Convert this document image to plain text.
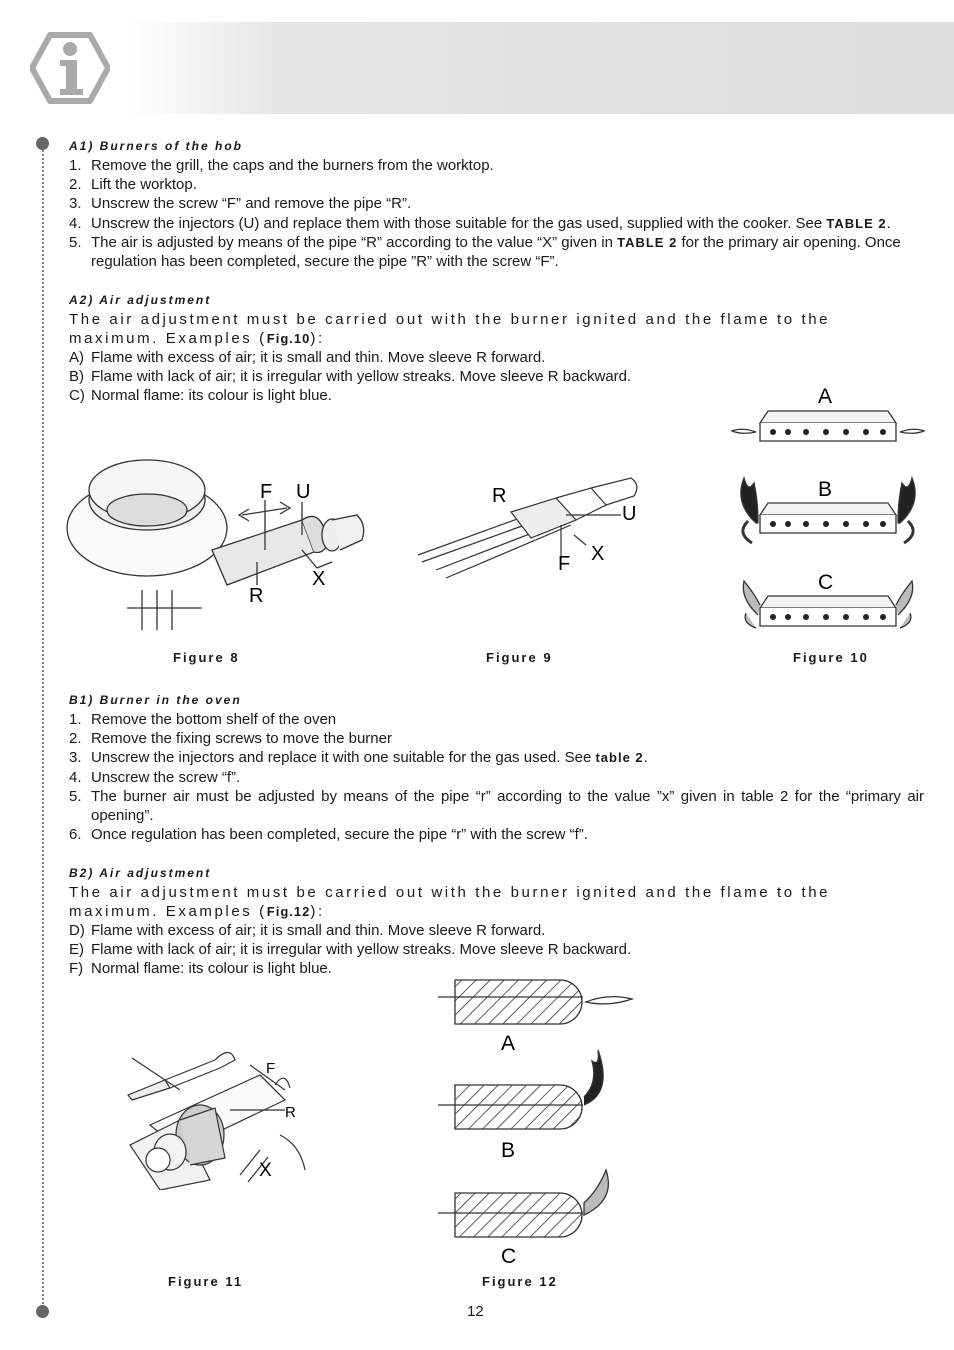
A1) Burners of the hob
1. Remove the grill, the caps and the burners from the worktop.
2. Lift the worktop.
3. Unscrew the screw “F” and remove the pipe “R”.
4. Unscrew the injectors (U) and replace them with those suitable for the gas used, supplied with the cooker. See TABLE 2.
5. The air is adjusted by means of the pipe “R” according to the value “X” given in TABLE 2 for the primary air opening. Once regulation has been completed, secure the pipe ”R” with the screw “F”.
A2) Air adjustment
The air adjustment must be carried out with the burner ignited and the flame to the maximum. Examples (Fig.10):
A) Flame with excess of air; it is small and thin. Move sleeve R forward.
B) Flame with lack of air; it is irregular with yellow streaks. Move sleeve R backward.
C) Normal flame: its colour is light blue.
F U
X
R
Figure 8
R
U
F X
Figure 9
A
B
C
Figure 10
B1) Burner in the oven
1. Remove the bottom shelf of the oven
2. Remove the fixing screws to move the burner
3. Unscrew the injectors and replace it with one suitable for the gas used. See table 2.
4. Unscrew the screw “f”.
5. The burner air must be adjusted by means of the pipe “r” according to the value ”x” given in table 2 for the “primary air opening”.
6. Once regulation has been completed, secure the pipe “r” with the screw “f”.
B2) Air adjustment
The air adjustment must be carried out with the burner ignited and the flame to the maximum. Examples (Fig.12):
D) Flame with excess of air; it is small and thin. Move sleeve R forward.
E) Flame with lack of air; it is irregular with yellow streaks. Move sleeve R backward.
F) Normal flame: its colour is light blue.
F
R
X
Figure 11
A
B
C
Figure 12
12
